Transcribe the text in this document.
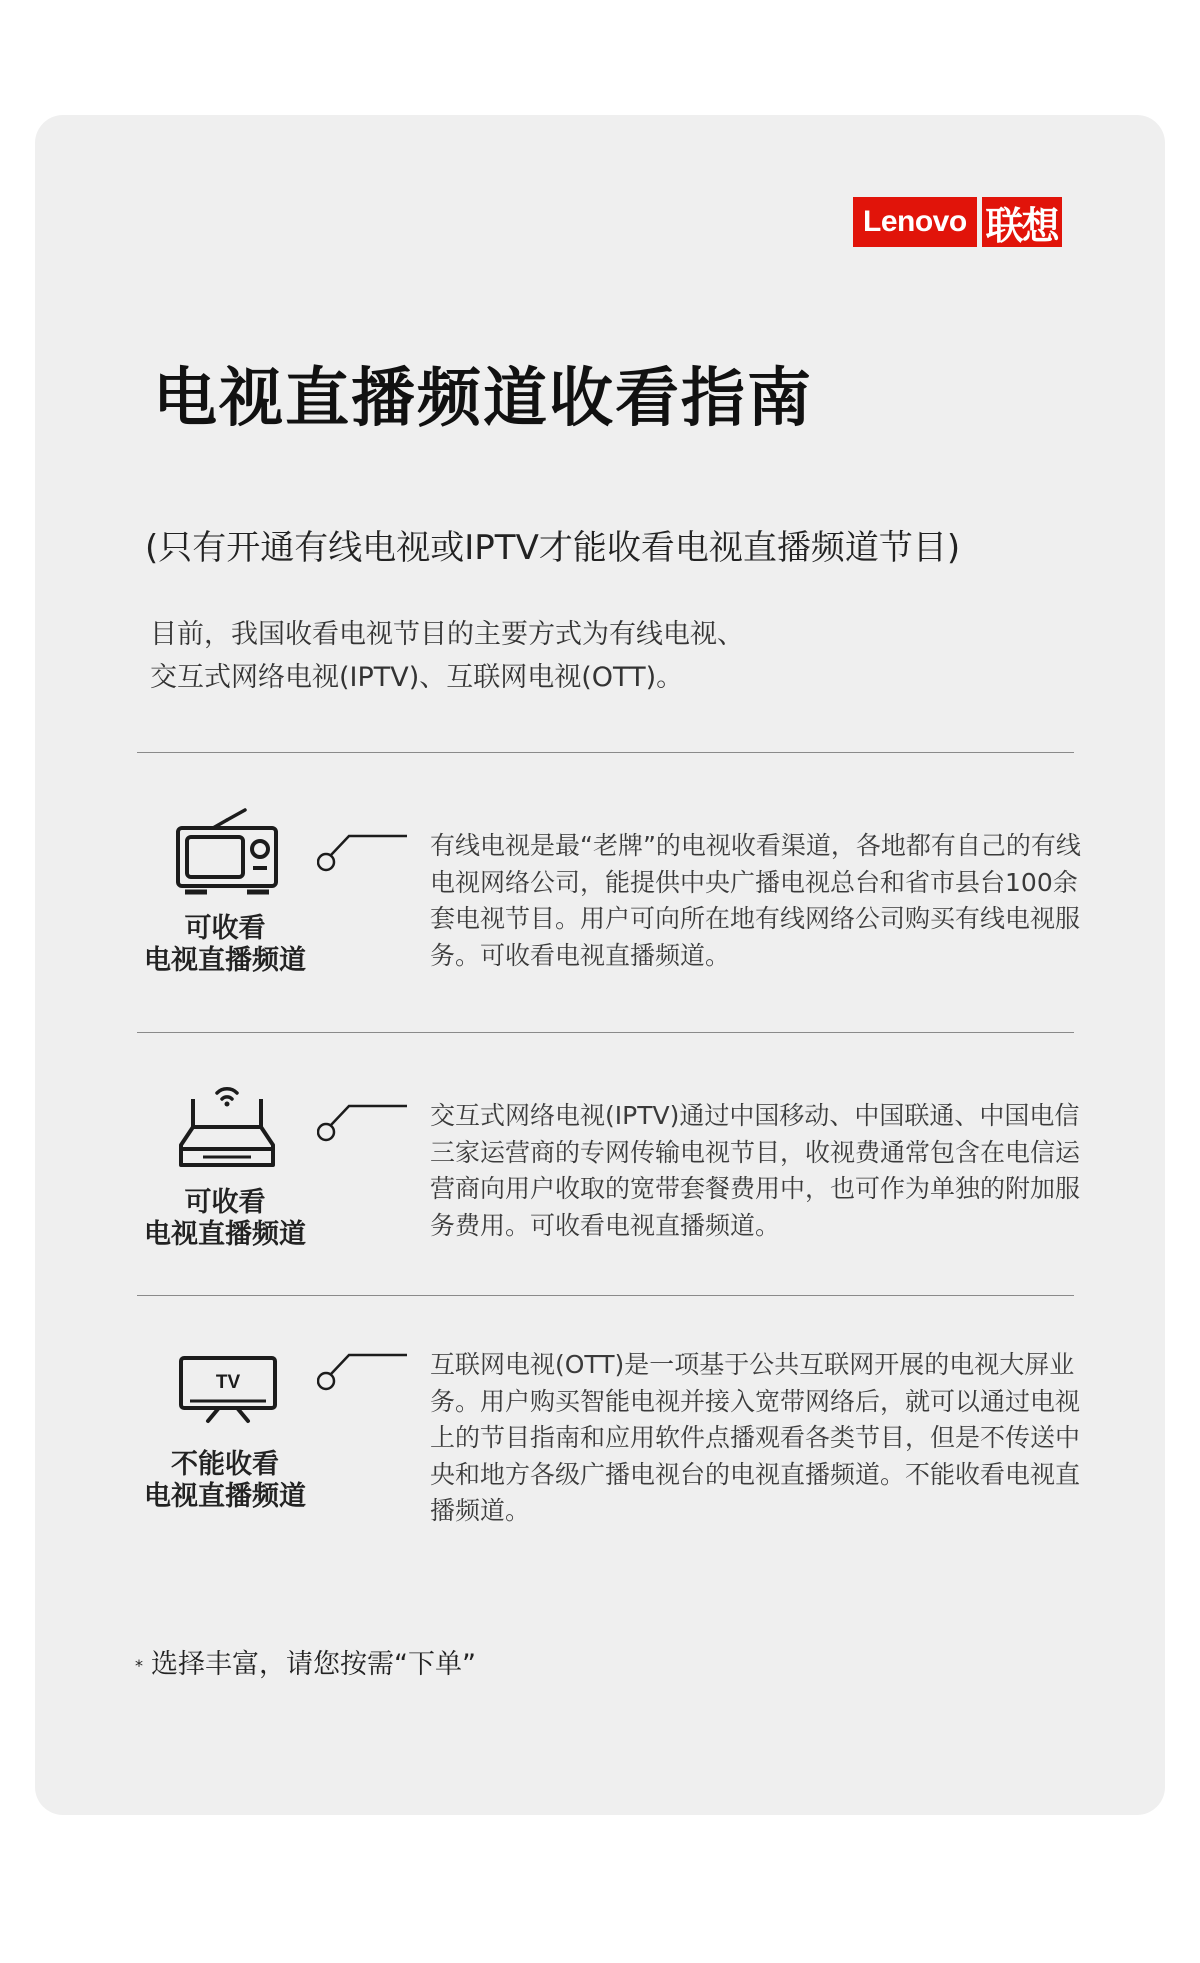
Lenovo 联想
电视直播频道收看指南
(只有开通有线电视或IPTV才能收看电视直播频道节目)
目前，我国收看电视节目的主要方式为有线电视、
交互式网络电视(IPTV)、互联网电视(OTT)。
可收看
电视直播频道
有线电视是最“老牌”的电视收看渠道，各地都有自己的有线电视网络公司，能提供中央广播电视总台和省市县台100余套电视节目。用户可向所在地有线网络公司购买有线电视服务。可收看电视直播频道。
可收看
电视直播频道
交互式网络电视(IPTV)通过中国移动、中国联通、中国电信三家运营商的专网传输电视节目，收视费通常包含在电信运营商向用户收取的宽带套餐费用中，也可作为单独的附加服务费用。可收看电视直播频道。
TV
不能收看
电视直播频道
互联网电视(OTT)是一项基于公共互联网开展的电视大屏业务。用户购买智能电视并接入宽带网络后，就可以通过电视上的节目指南和应用软件点播观看各类节目，但是不传送中央和地方各级广播电视台的电视直播频道。不能收看电视直播频道。
* 选择丰富，请您按需“下单”
